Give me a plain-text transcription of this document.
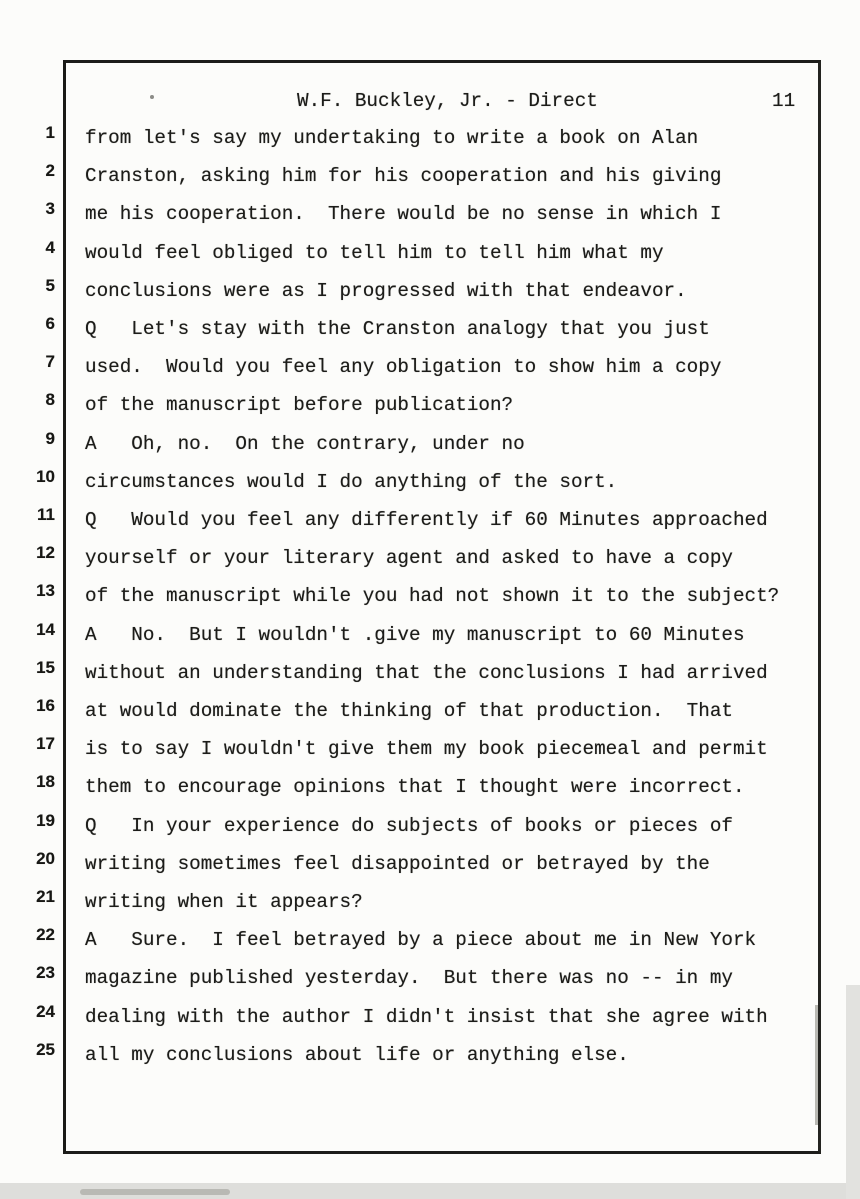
W.F. Buckley, Jr. - Direct	11
1 from let's say my undertaking to write a book on Alan
2 Cranston, asking him for his cooperation and his giving
3 me his cooperation.  There would be no sense in which I
4 would feel obliged to tell him to tell him what my
5 conclusions were as I progressed with that endeavor.
6 Q   Let's stay with the Cranston analogy that you just
7 used.  Would you feel any obligation to show him a copy
8 of the manuscript before publication?
9 A   Oh, no.  On the contrary, under no
10 circumstances would I do anything of the sort.
11 Q   Would you feel any differently if 60 Minutes approached
12 yourself or your literary agent and asked to have a copy
13 of the manuscript while you had not shown it to the subject?
14 A   No.  But I wouldn't .give my manuscript to 60 Minutes
15 without an understanding that the conclusions I had arrived
16 at would dominate the thinking of that production.  That
17 is to say I wouldn't give them my book piecemeal and permit
18 them to encourage opinions that I thought were incorrect.
19 Q   In your experience do subjects of books or pieces of
20 writing sometimes feel disappointed or betrayed by the
21 writing when it appears?
22 A   Sure.  I feel betrayed by a piece about me in New York
23 magazine published yesterday.  But there was no -- in my
24 dealing with the author I didn't insist that she agree with
25 all my conclusions about life or anything else.
